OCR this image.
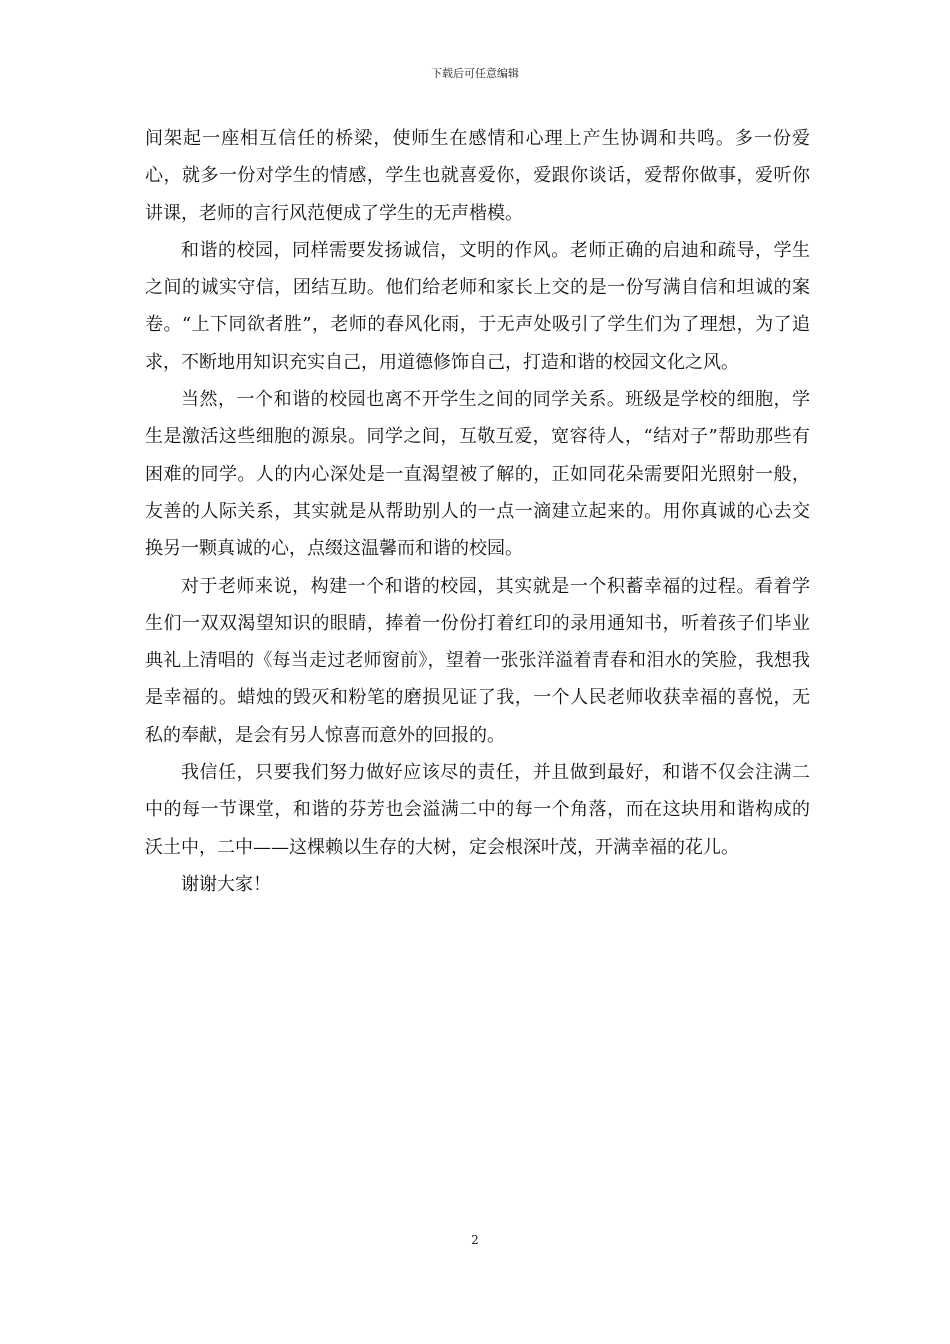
下载后可任意编辑

间架起一座相互信任的桥梁，使师生在感情和心理上产生协调和共鸣。多一份爱心，就多一份对学生的情感，学生也就喜爱你，爱跟你谈话，爱帮你做事，爱听你讲课，老师的言行风范便成了学生的无声楷模。

和谐的校园，同样需要发扬诚信，文明的作风。老师正确的启迪和疏导，学生之间的诚实守信，团结互助。他们给老师和家长上交的是一份写满自信和坦诚的案卷。“上下同欲者胜”，老师的春风化雨，于无声处吸引了学生们为了理想，为了追求，不断地用知识充实自己，用道德修饰自己，打造和谐的校园文化之风。

当然，一个和谐的校园也离不开学生之间的同学关系。班级是学校的细胞，学生是激活这些细胞的源泉。同学之间，互敬互爱，宽容待人，“结对子”帮助那些有困难的同学。人的内心深处是一直渴望被了解的，正如同花朵需要阳光照射一般，友善的人际关系，其实就是从帮助别人的一点一滴建立起来的。用你真诚的心去交换另一颗真诚的心，点缀这温馨而和谐的校园。

对于老师来说，构建一个和谐的校园，其实就是一个积蓄幸福的过程。看着学生们一双双渴望知识的眼睛，捧着一份份打着红印的录用通知书，听着孩子们毕业典礼上清唱的《每当走过老师窗前》，望着一张张洋溢着青春和泪水的笑脸，我想我是幸福的。蜡烛的毁灭和粉笔的磨损见证了我，一个人民老师收获幸福的喜悦，无私的奉献，是会有另人惊喜而意外的回报的。

我信任，只要我们努力做好应该尽的责任，并且做到最好，和谐不仅会注满二中的每一节课堂，和谐的芬芳也会溢满二中的每一个角落，而在这块用和谐构成的沃土中，二中——这棵赖以生存的大树，定会根深叶茂，开满幸福的花儿。

谢谢大家！

2
